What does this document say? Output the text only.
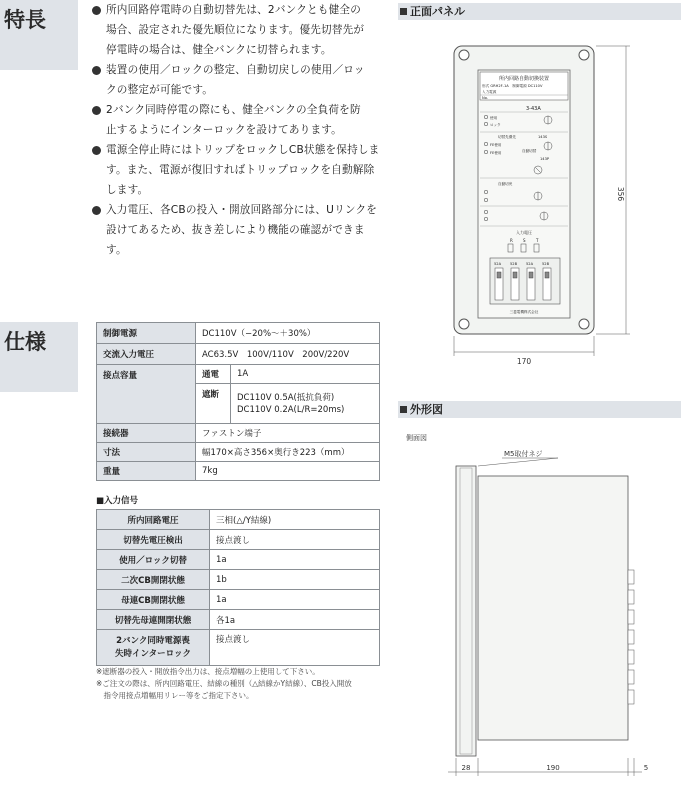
特長
仕様

所内回路停電時の自動切替先は、2バンクとも健全の

場合、設定された優先順位になります。優先切替先が

停電時の場合は、健全バンクに切替られます。

装置の使用／ロックの整定、自動切戻しの使用／ロッ

クの整定が可能です。

2バンク同時停電の際にも、健全バンクの全負荷を防

止するようにインターロックを設けてあります。

電源全停止時にはトリップをロックしCB状態を保持しま

す。また、電源が復旧すればトリップロックを自動解除

します。

入力電圧、各CBの投入・開放回路部分には、Uリンクを

設けてあるため、抜き差しにより機能の確認ができます。

制御電源	DC110V（−20%〜＋30%）	
交流入力電圧	AC63.5V　100V/110V　200V/220V	
接点容量	通電	1A
	遮断	DC110V 0.5A(抵抗負荷)
DC110V 0.2A(L/R=20ms)

接続器	ファストン端子	
寸法	幅170×高さ356×奥行き223（mm）	
重量	7kg	
■入力信号
所内回路電圧	三相(△/Y結線)
切替先電圧検出	接点渡し
使用／ロック切替	1a
二次CB開閉状態	1b
母連CB開閉状態	1a
切替先母連開閉状態	各1a

2バンク同時電源喪
失時インターロック	接点渡し

※遮断器の投入・開放指令出力は、接点増幅の上使用して下さい。

※ご注文の際は、所内回路電圧、結線の種別（△結線かY結線）、CB投入開放

　指令用接点増幅用リレー等をご指定下さい。

正面パネル
所内回路自動切換装置
形式 GRH2F-1A　制御電源 DC110V
入力電源
No.
3-43A
使用
ロック
切替先優先	143S
FE使用
FE使用	自動切替
143P
自動切戻
入力電圧
R	S	T
52A 52B 52A 52B
三菱電機株式会社
170
356
外形図
側面図
M5取付ネジ
28	190	5
